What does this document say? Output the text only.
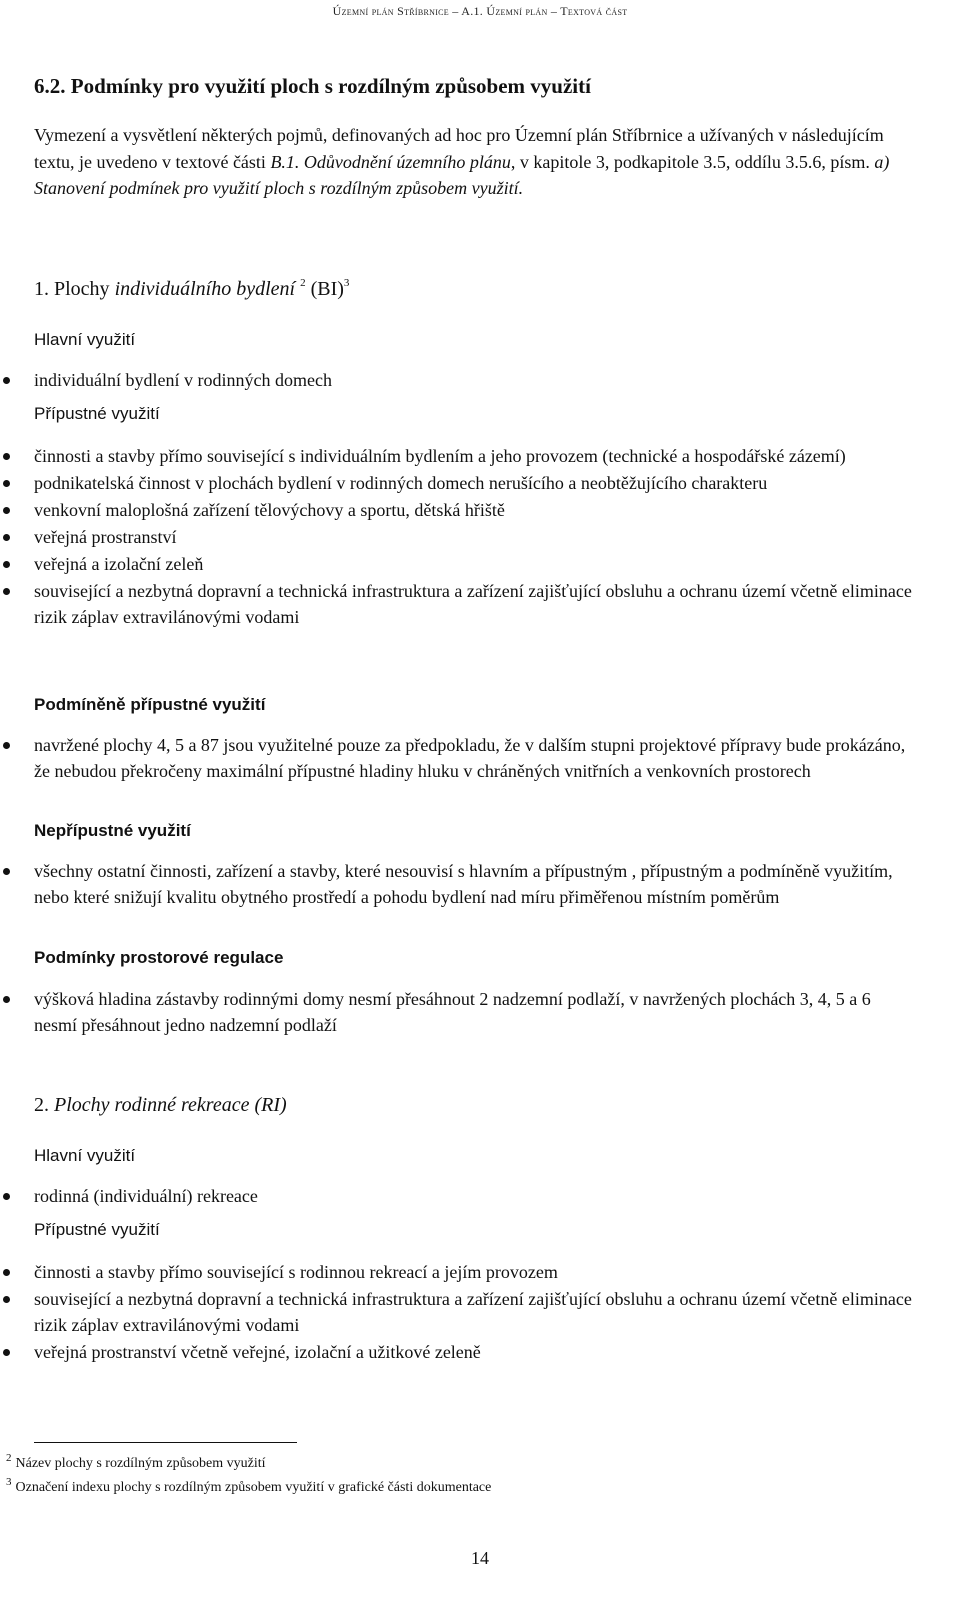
Územní plán Stříbrnice – A.1. Územní plán – Textová část
6.2. Podmínky pro využití ploch s rozdílným způsobem využití

Vymezení a vysvětlení některých pojmů, definovaných ad hoc pro Územní plán Stříbrnice a užívaných v následujícím textu, je uvedeno v textové části B.1. Odůvodnění územního plánu, v kapitole 3, podkapitole 3.5, oddílu 3.5.6, písm. a) Stanovení podmínek pro využití ploch s rozdílným způsobem využití.

1. Plochy individuálního bydlení $^2$ (BI)$^3$
Hlavní využití
individuální bydlení v rodinných domech
Přípustné využití
činnosti a stavby přímo související s individuálním bydlením a jeho provozem (technické a hospodářské zázemí)
podnikatelská činnost v plochách bydlení v rodinných domech nerušícího a neobtěžujícího charakteru
venkovní maloplošná zařízení tělovýchovy a sportu, dětská hřiště
veřejná prostranství
veřejná a izolační zeleň
související a nezbytná dopravní a technická infrastruktura a zařízení zajišťující obsluhu a ochranu území včetně eliminace rizik záplav extravilánovými vodami
Podmíněně přípustné využití
navržené plochy 4, 5 a 87 jsou využitelné pouze za předpokladu, že v dalším stupni projektové přípravy bude prokázáno, že nebudou překročeny maximální přípustné hladiny hluku v chráněných vnitřních a venkovních prostorech
Nepřípustné využití
všechny ostatní činnosti, zařízení a stavby, které nesouvisí s hlavním a přípustným , přípustným a podmíněně využitím, nebo které snižují kvalitu obytného prostředí a pohodu bydlení nad míru přiměřenou místním poměrům
Podmínky prostorové regulace
výšková hladina zástavby rodinnými domy nesmí přesáhnout 2 nadzemní podlaží, v navržených plochách 3, 4, 5 a 6 nesmí přesáhnout jedno nadzemní podlaží
2. Plochy rodinné rekreace (RI)
Hlavní využití
rodinná (individuální) rekreace
Přípustné využití
činnosti a stavby přímo související s rodinnou rekreací a jejím provozem
související a nezbytná dopravní a technická infrastruktura a zařízení zajišťující obsluhu a ochranu území včetně eliminace rizik záplav extravilánovými vodami
veřejná prostranství včetně veřejné, izolační a užitkové zeleně
$^2$ Název plochy s rozdílným způsobem využití
$^3$ Označení indexu plochy s rozdílným způsobem využití v grafické části dokumentace
14
